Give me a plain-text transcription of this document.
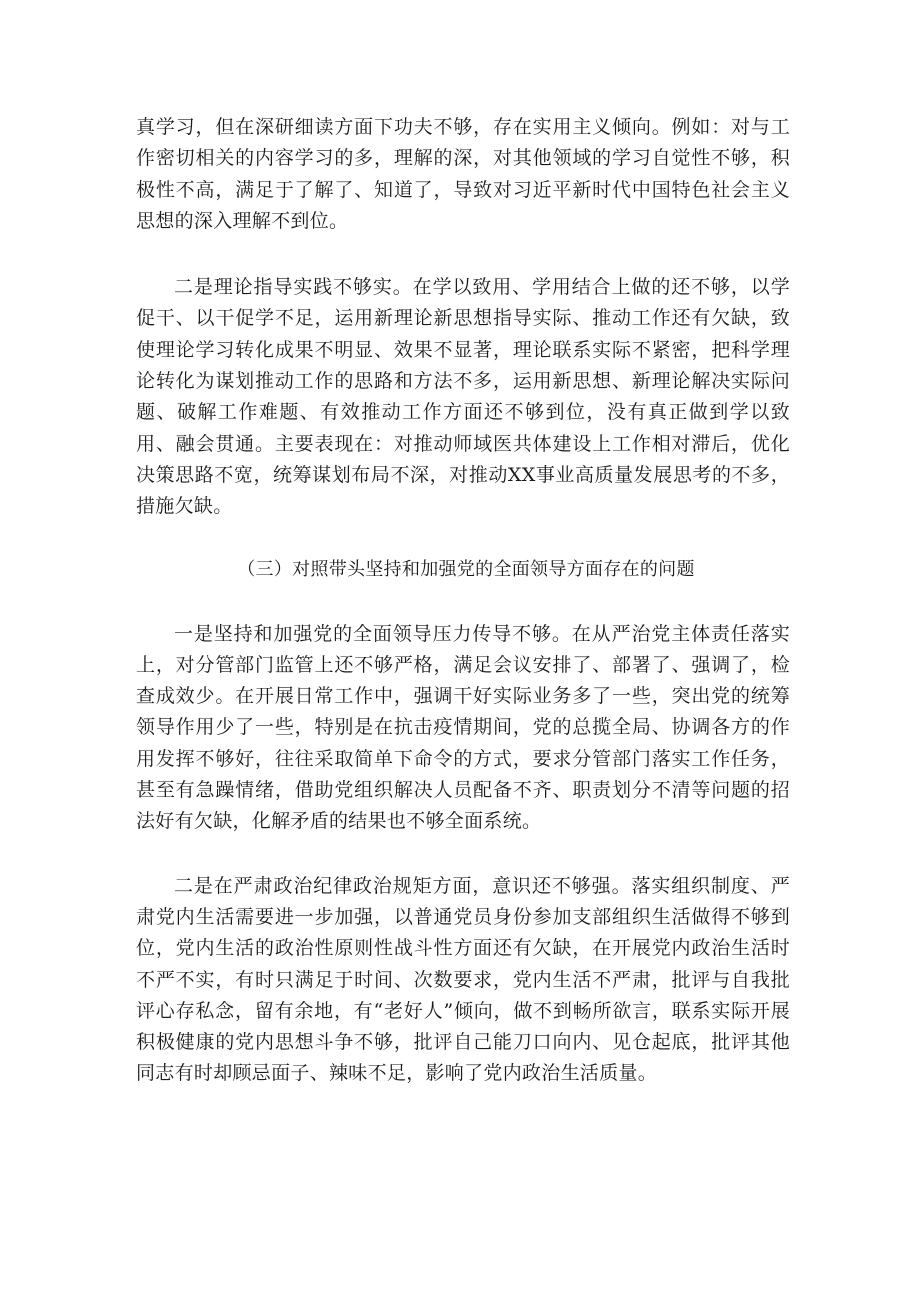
真学习，但在深研细读方面下功夫不够，存在实用主义倾向。例如：对与工作密切相关的内容学习的多，理解的深，对其他领域的学习自觉性不够，积极性不高，满足于了解了、知道了，导致对习近平新时代中国特色社会主义思想的深入理解不到位。

二是理论指导实践不够实。在学以致用、学用结合上做的还不够，以学促干、以干促学不足，运用新理论新思想指导实际、推动工作还有欠缺，致使理论学习转化成果不明显、效果不显著，理论联系实际不紧密，把科学理论转化为谋划推动工作的思路和方法不多，运用新思想、新理论解决实际问题、破解工作难题、有效推动工作方面还不够到位，没有真正做到学以致用、融会贯通。主要表现在：对推动师域医共体建设上工作相对滞后，优化决策思路不宽，统筹谋划布局不深，对推动XX事业高质量发展思考的不多，措施欠缺。

（三）对照带头坚持和加强党的全面领导方面存在的问题

一是坚持和加强党的全面领导压力传导不够。在从严治党主体责任落实上，对分管部门监管上还不够严格，满足会议安排了、部署了、强调了，检查成效少。在开展日常工作中，强调干好实际业务多了一些，突出党的统筹领导作用少了一些，特别是在抗击疫情期间，党的总揽全局、协调各方的作用发挥不够好，往往采取简单下命令的方式，要求分管部门落实工作任务，甚至有急躁情绪，借助党组织解决人员配备不齐、职责划分不清等问题的招法好有欠缺，化解矛盾的结果也不够全面系统。

二是在严肃政治纪律政治规矩方面，意识还不够强。落实组织制度、严肃党内生活需要进一步加强，以普通党员身份参加支部组织生活做得不够到位，党内生活的政治性原则性战斗性方面还有欠缺，在开展党内政治生活时不严不实，有时只满足于时间、次数要求，党内生活不严肃，批评与自我批评心存私念，留有余地，有“老好人”倾向，做不到畅所欲言，联系实际开展积极健康的党内思想斗争不够，批评自己能刀口向内、见仓起底，批评其他同志有时却顾忌面子、辣味不足，影响了党内政治生活质量。
